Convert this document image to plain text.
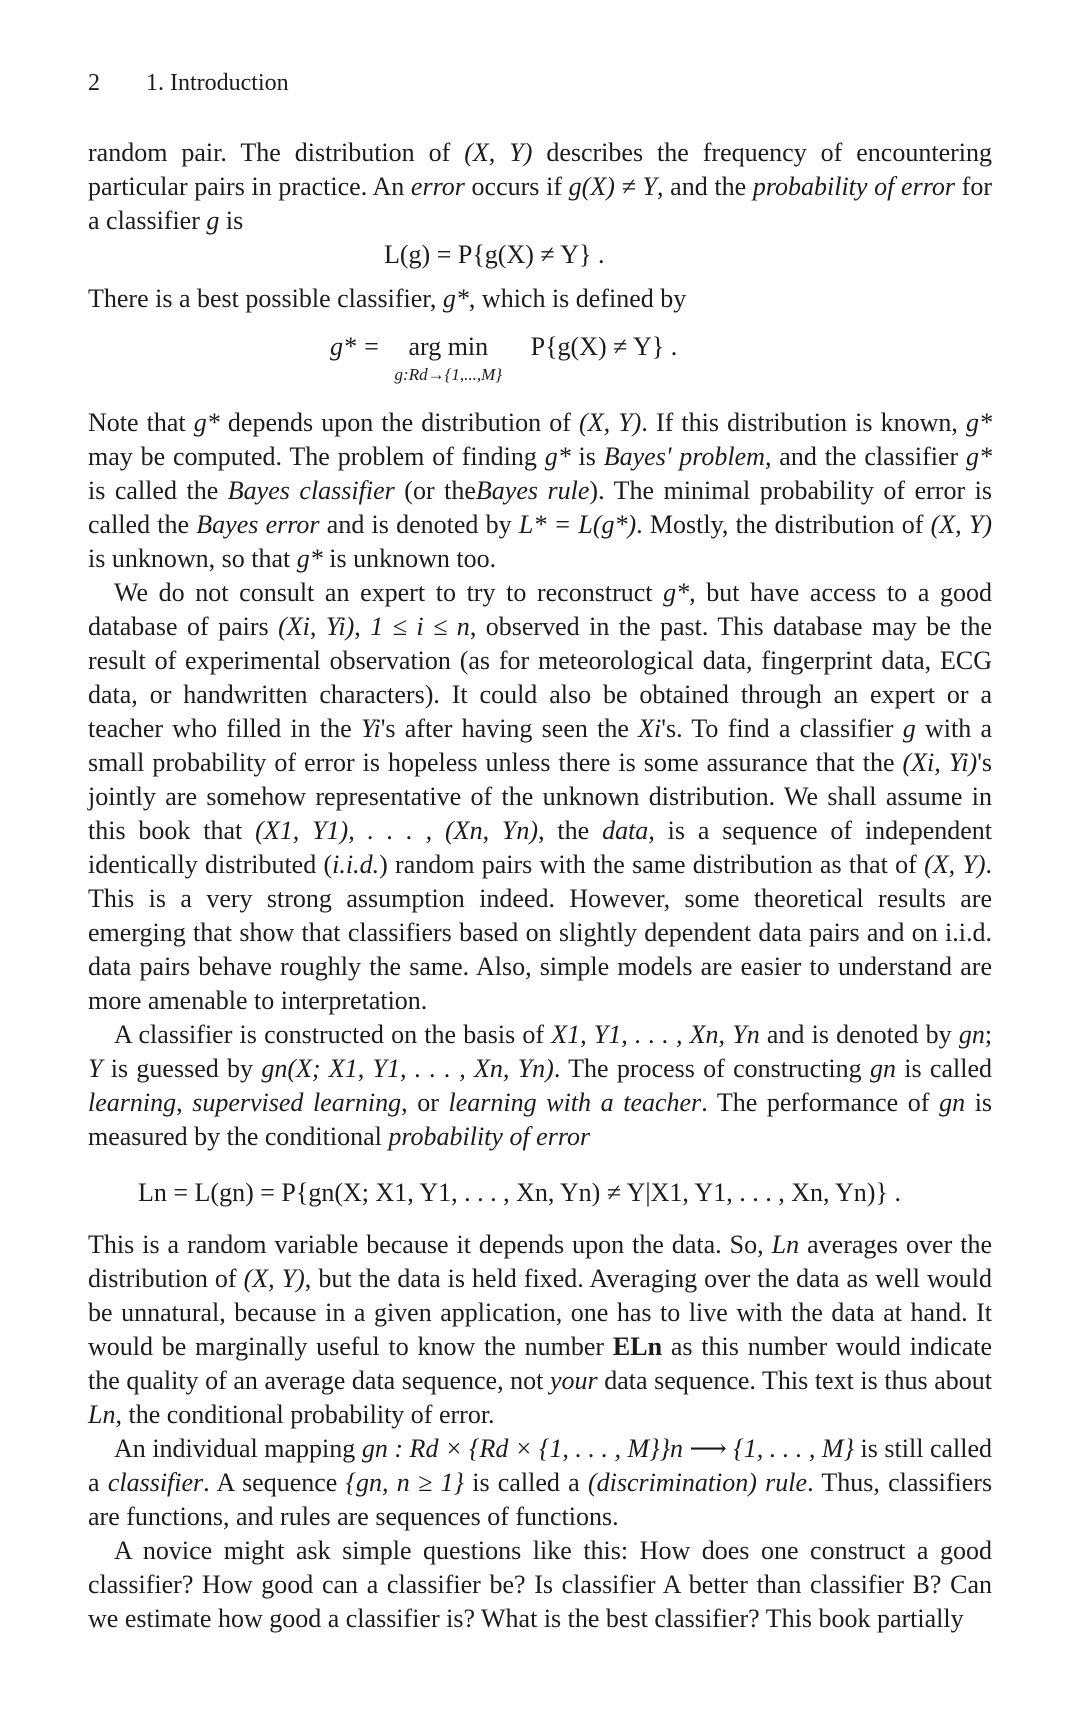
2 1. Introduction

random pair. The distribution of (X, Y) describes the frequency of encountering particular pairs in practice. An error occurs if g(X) ≠ Y, and the probability of error for a classifier g is

L(g) = P{g(X) ≠ Y} .

There is a best possible classifier, g*, which is defined by

g* = arg min
g:Rd→{1,...,M}
P{g(X) ≠ Y} .

Note that g* depends upon the distribution of (X, Y). If this distribution is known, g* may be computed. The problem of finding g* is Bayes' problem, and the classifier g* is called the Bayes classifier (or theBayes rule). The minimal probability of error is called the Bayes error and is denoted by L* = L(g*). Mostly, the distribution of (X, Y) is unknown, so that g* is unknown too.

We do not consult an expert to try to reconstruct g*, but have access to a good database of pairs (Xi, Yi), 1 ≤ i ≤ n, observed in the past. This database may be the result of experimental observation (as for meteorological data, fingerprint data, ECG data, or handwritten characters). It could also be obtained through an expert or a teacher who filled in the Yi's after having seen the Xi's. To find a classifier g with a small probability of error is hopeless unless there is some assurance that the (Xi, Yi)'s jointly are somehow representative of the unknown distribution. We shall assume in this book that (X1, Y1), . . . , (Xn, Yn), the data, is a sequence of independent identically distributed (i.i.d.) random pairs with the same distribution as that of (X, Y). This is a very strong assumption indeed. However, some theoretical results are emerging that show that classifiers based on slightly dependent data pairs and on i.i.d. data pairs behave roughly the same. Also, simple models are easier to understand are more amenable to interpretation.

A classifier is constructed on the basis of X1, Y1, . . . , Xn, Yn and is denoted by gn; Y is guessed by gn(X; X1, Y1, . . . , Xn, Yn). The process of constructing gn is called learning, supervised learning, or learning with a teacher. The performance of gn is measured by the conditional probability of error

Ln = L(gn) = P{gn(X; X1, Y1, . . . , Xn, Yn) ≠ Y|X1, Y1, . . . , Xn, Yn)} .

This is a random variable because it depends upon the data. So, Ln averages over the distribution of (X, Y), but the data is held fixed. Averaging over the data as well would be unnatural, because in a given application, one has to live with the data at hand. It would be marginally useful to know the number ELn as this number would indicate the quality of an average data sequence, not your data sequence. This text is thus about Ln, the conditional probability of error.

An individual mapping gn : Rd × {Rd × {1, . . . , M}}n ⟶ {1, . . . , M} is still called a classifier. A sequence {gn, n ≥ 1} is called a (discrimination) rule. Thus, classifiers are functions, and rules are sequences of functions.

A novice might ask simple questions like this: How does one construct a good classifier? How good can a classifier be? Is classifier A better than classifier B? Can we estimate how good a classifier is? What is the best classifier? This book partially
